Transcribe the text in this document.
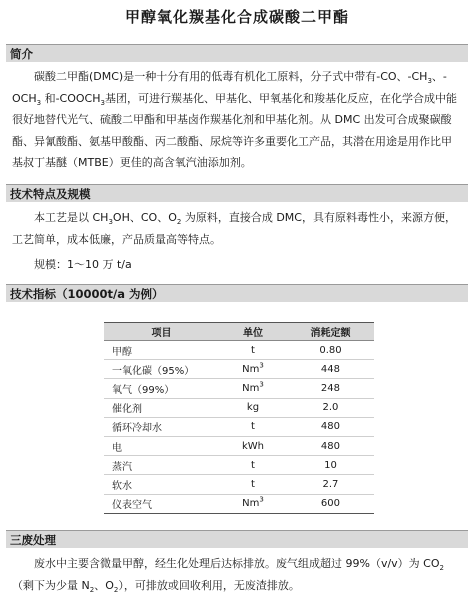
甲醇氧化羰基化合成碳酸二甲酯
简介

碳酸二甲酯(DMC)是一种十分有用的低毒有机化工原料，分子式中带有-CO、$-CH_3$、$-OCH_3$ 和$-COOCH_3$基团，可进行羰基化、甲基化、甲氧基化和羧基化反应，在化学合成中能很好地替代光气、硫酸二甲酯和甲基卤作羰基化剂和甲基化剂。从 DMC 出发可合成聚碳酸酯、异氰酸酯、氨基甲酸酯、丙二酸酯、尿烷等许多重要化工产品，其潜在用途是用作比甲基叔丁基醚（MTBE）更佳的高含氧汽油添加剂。

技术特点及规模

本工艺是以 $CH_3OH$、CO、$O_2$ 为原料，直接合成 DMC，具有原料毒性小，来源方便，工艺简单，成本低廉，产品质量高等特点。

规模：1～10 万 t/a

技术指标（10000t/a 为例）
项目	单位	消耗定额
甲醇	t	0.80
一氧化碳（95%）	Nm$^3$	448
氧气（99%）	Nm$^3$	248
催化剂	kg	2.0
循环冷却水	t	480
电	kWh	480
蒸汽	t	10
软水	t	2.7
仪表空气	Nm$^3$	600
三废处理

废水中主要含微量甲醇，经生化处理后达标排放。废气组成超过 99%（v/v）为 $CO_2$（剩下为少量 $N_2$、$O_2$），可排放或回收利用，无废渣排放。
